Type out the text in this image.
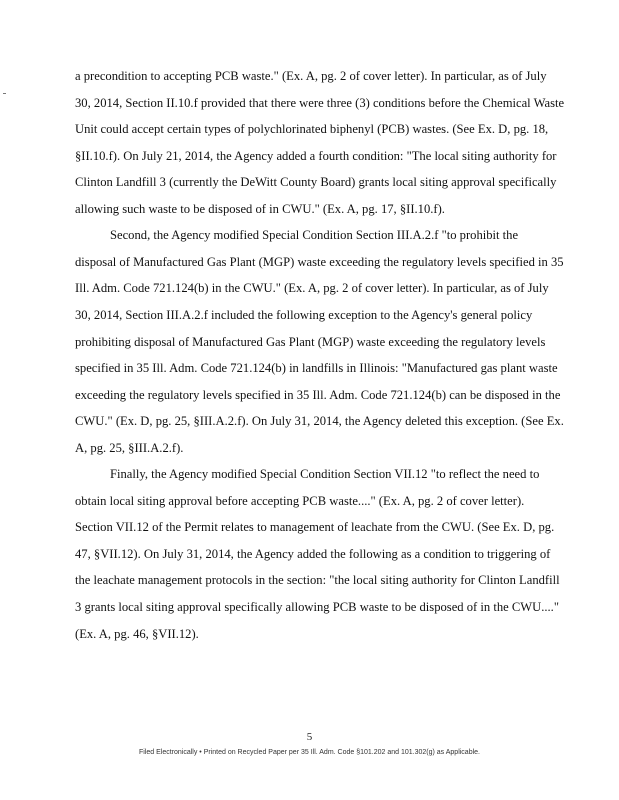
a precondition to accepting PCB waste." (Ex. A, pg. 2 of cover letter). In particular, as of July
30, 2014, Section II.10.f provided that there were three (3) conditions before the Chemical Waste
Unit could accept certain types of polychlorinated biphenyl (PCB) wastes. (See Ex. D, pg. 18,
§II.10.f). On July 21, 2014, the Agency added a fourth condition: "The local siting authority for
Clinton Landfill 3 (currently the DeWitt County Board) grants local siting approval specifically
allowing such waste to be disposed of in CWU." (Ex. A, pg. 17, §II.10.f).
Second, the Agency modified Special Condition Section III.A.2.f "to prohibit the
disposal of Manufactured Gas Plant (MGP) waste exceeding the regulatory levels specified in 35
Ill. Adm. Code 721.124(b) in the CWU." (Ex. A, pg. 2 of cover letter). In particular, as of July
30, 2014, Section III.A.2.f included the following exception to the Agency's general policy
prohibiting disposal of Manufactured Gas Plant (MGP) waste exceeding the regulatory levels
specified in 35 Ill. Adm. Code 721.124(b) in landfills in Illinois: "Manufactured gas plant waste
exceeding the regulatory levels specified in 35 Ill. Adm. Code 721.124(b) can be disposed in the
CWU." (Ex. D, pg. 25, §III.A.2.f). On July 31, 2014, the Agency deleted this exception. (See Ex.
A, pg. 25, §III.A.2.f).
Finally, the Agency modified Special Condition Section VII.12 "to reflect the need to
obtain local siting approval before accepting PCB waste...." (Ex. A, pg. 2 of cover letter).
Section VII.12 of the Permit relates to management of leachate from the CWU. (See Ex. D, pg.
47, §VII.12). On July 31, 2014, the Agency added the following as a condition to triggering of
the leachate management protocols in the section: "the local siting authority for Clinton Landfill
3 grants local siting approval specifically allowing PCB waste to be disposed of in the CWU...."
(Ex. A, pg. 46, §VII.12).
5
Filed Electronically • Printed on Recycled Paper per 35 Ill. Adm. Code §101.202 and 101.302(g) as Applicable.
